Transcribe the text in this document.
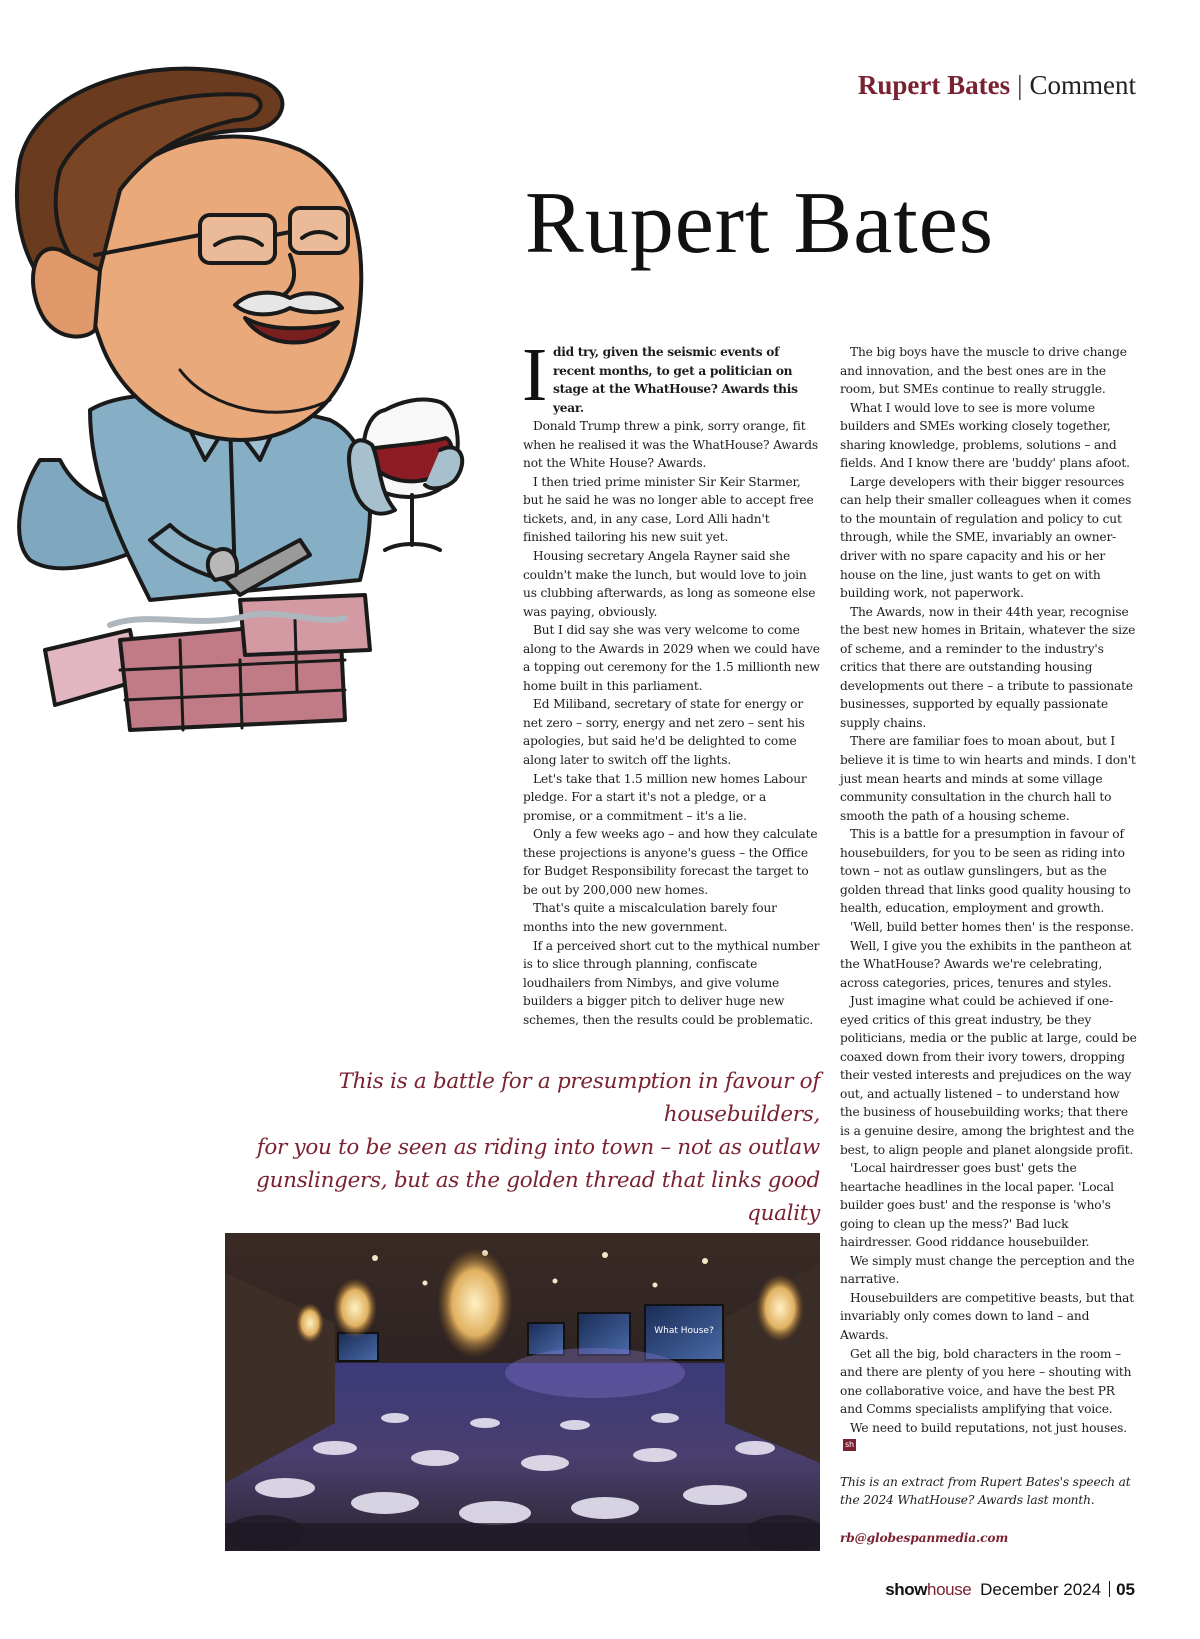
Rupert Bates | Comment
Rupert Bates

Idid try, given the seismic events of recent months, to get a politician on stage at the WhatHouse? Awards this year.

Donald Trump threw a pink, sorry orange, fit when he realised it was the WhatHouse? Awards not the White House? Awards.

I then tried prime minister Sir Keir Starmer, but he said he was no longer able to accept free tickets, and, in any case, Lord Alli hadn't finished tailoring his new suit yet.

Housing secretary Angela Rayner said she couldn't make the lunch, but would love to join us clubbing afterwards, as long as someone else was paying, obviously.

But I did say she was very welcome to come along to the Awards in 2029 when we could have a topping out ceremony for the 1.5 millionth new home built in this parliament.

Ed Miliband, secretary of state for energy or net zero – sorry, energy and net zero – sent his apologies, but said he'd be delighted to come along later to switch off the lights.

Let's take that 1.5 million new homes Labour pledge. For a start it's not a pledge, or a promise, or a commitment – it's a lie.

Only a few weeks ago – and how they calculate these projections is anyone's guess – the Office for Budget Responsibility forecast the target to be out by 200,000 new homes.

That's quite a miscalculation barely four months into the new government.

If a perceived short cut to the mythical number is to slice through planning, confiscate loudhailers from Nimbys, and give volume builders a bigger pitch to deliver huge new schemes, then the results could be problematic.

The big boys have the muscle to drive change and innovation, and the best ones are in the room, but SMEs continue to really struggle.

What I would love to see is more volume builders and SMEs working closely together, sharing knowledge, problems, solutions – and fields. And I know there are 'buddy' plans afoot.

Large developers with their bigger resources can help their smaller colleagues when it comes to the mountain of regulation and policy to cut through, while the SME, invariably an owner-driver with no spare capacity and his or her house on the line, just wants to get on with building work, not paperwork.

The Awards, now in their 44th year, recognise the best new homes in Britain, whatever the size of scheme, and a reminder to the industry's critics that there are outstanding housing developments out there – a tribute to passionate businesses, supported by equally passionate supply chains.

There are familiar foes to moan about, but I believe it is time to win hearts and minds. I don't just mean hearts and minds at some village community consultation in the church hall to smooth the path of a housing scheme.

This is a battle for a presumption in favour of housebuilders, for you to be seen as riding into town – not as outlaw gunslingers, but as the golden thread that links good quality housing to health, education, employment and growth.

'Well, build better homes then' is the response.

Well, I give you the exhibits in the pantheon at the WhatHouse? Awards we're celebrating, across categories, prices, tenures and styles.

Just imagine what could be achieved if one-eyed critics of this great industry, be they politicians, media or the public at large, could be coaxed down from their ivory towers, dropping their vested interests and prejudices on the way out, and actually listened – to understand how the business of housebuilding works; that there is a genuine desire, among the brightest and the best, to align people and planet alongside profit.

'Local hairdresser goes bust' gets the heartache headlines in the local paper. 'Local builder goes bust' and the response is 'who's going to clean up the mess?' Bad luck hairdresser. Good riddance housebuilder.

We simply must change the perception and the narrative.

Housebuilders are competitive beasts, but that invariably only comes down to land – and Awards.

Get all the big, bold characters in the room – and there are plenty of you here – shouting with one collaborative voice, and have the best PR and Comms specialists amplifying that voice.

We need to build reputations, not just houses.sh

This is an extract from Rupert Bates's speech at the 2024 WhatHouse? Awards last month.

rb@globespanmedia.com

This is a battle for a presumption in favour of housebuilders,
for you to be seen as riding into town – not as outlaw
gunslingers, but as the golden thread that links good quality
What House?
showhouse December 2024 05
